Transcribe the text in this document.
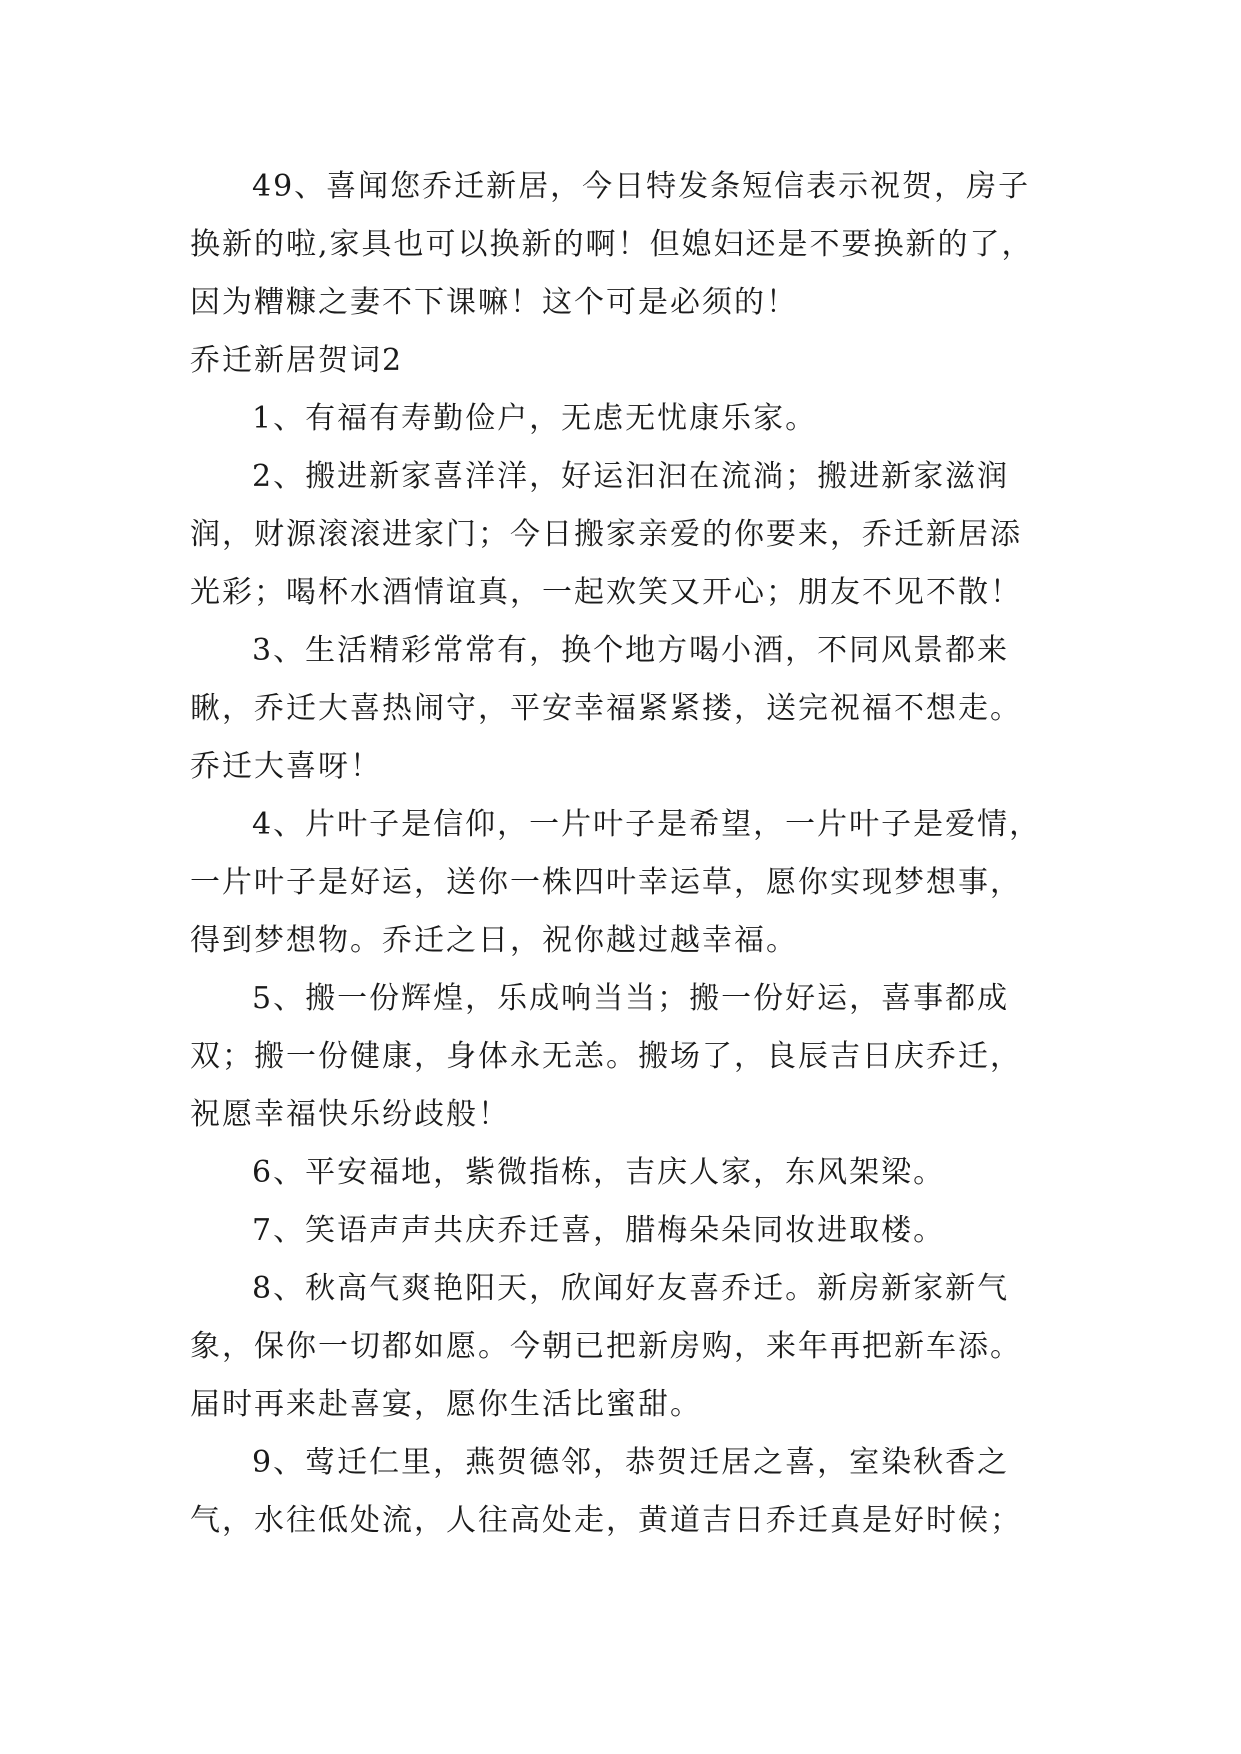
49、喜闻您乔迁新居，今日特发条短信表示祝贺，房子
换新的啦,家具也可以换新的啊！但媳妇还是不要换新的了，
因为糟糠之妻不下课嘛！这个可是必须的！
乔迁新居贺词2
1、有福有寿勤俭户，无虑无忧康乐家。
2、搬进新家喜洋洋，好运汩汩在流淌；搬进新家滋润
润，财源滚滚进家门；今日搬家亲爱的你要来，乔迁新居添
光彩；喝杯水酒情谊真，一起欢笑又开心；朋友不见不散！
3、生活精彩常常有，换个地方喝小酒，不同风景都来
瞅，乔迁大喜热闹守，平安幸福紧紧搂，送完祝福不想走。
乔迁大喜呀！
4、片叶子是信仰，一片叶子是希望，一片叶子是爱情，
一片叶子是好运，送你一株四叶幸运草，愿你实现梦想事，
得到梦想物。乔迁之日，祝你越过越幸福。
5、搬一份辉煌，乐成响当当；搬一份好运，喜事都成
双；搬一份健康，身体永无恙。搬场了，良辰吉日庆乔迁，
祝愿幸福快乐纷歧般！
6、平安福地，紫微指栋，吉庆人家，东风架梁。
7、笑语声声共庆乔迁喜，腊梅朵朵同妆进取楼。
8、秋高气爽艳阳天，欣闻好友喜乔迁。新房新家新气
象，保你一切都如愿。今朝已把新房购，来年再把新车添。
届时再来赴喜宴，愿你生活比蜜甜。
9、莺迁仁里，燕贺德邻，恭贺迁居之喜，室染秋香之
气，水往低处流，人往高处走，黄道吉日乔迁真是好时候；
